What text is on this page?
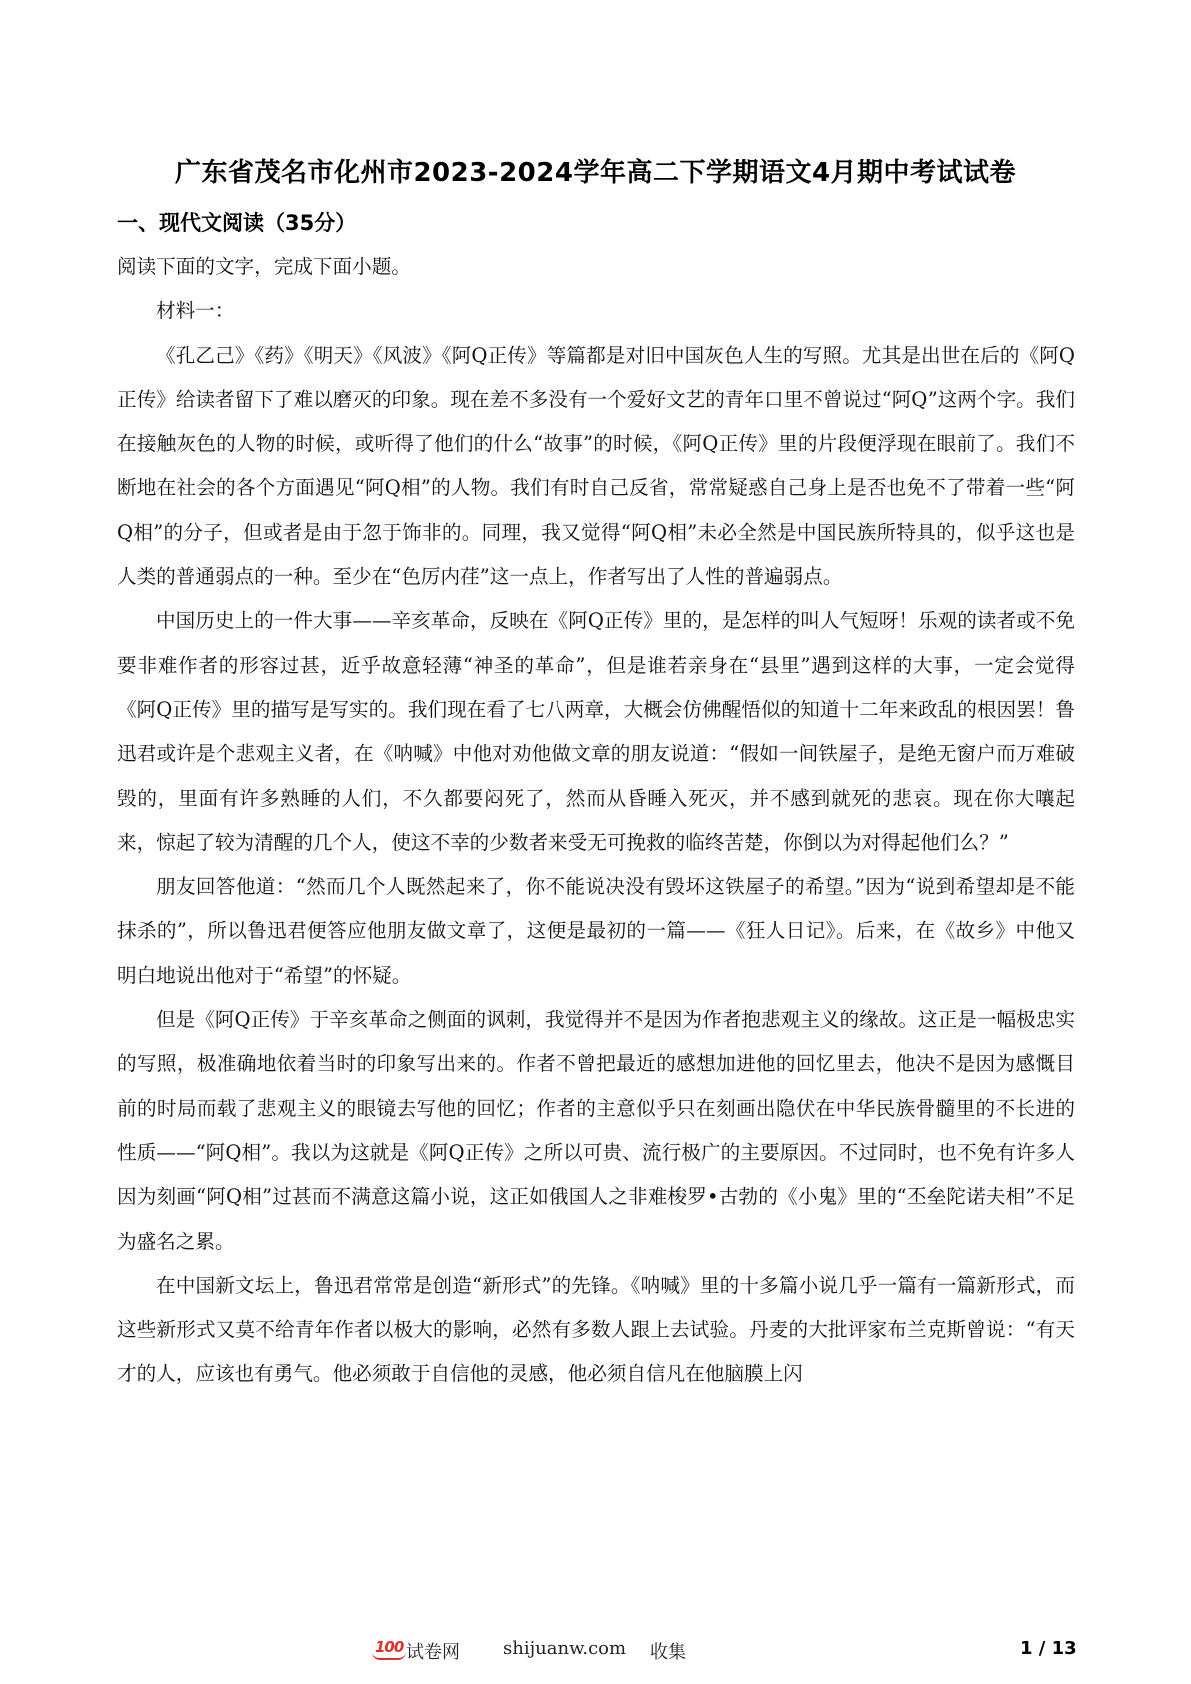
广东省茂名市化州市2023-2024学年高二下学期语文4月期中考试试卷
一、现代文阅读（35分）

阅读下面的文字，完成下面小题。

材料一：

《孔乙己》《药》《明天》《风波》《阿Q正传》等篇都是对旧中国灰色人生的写照。尤其是出世在后的《阿Q正传》给读者留下了难以磨灭的印象。现在差不多没有一个爱好文艺的青年口里不曾说过“阿Q”这两个字。我们在接触灰色的人物的时候，或听得了他们的什么“故事”的时候，《阿Q正传》里的片段便浮现在眼前了。我们不断地在社会的各个方面遇见“阿Q相”的人物。我们有时自己反省，常常疑惑自己身上是否也免不了带着一些“阿Q相”的分子，但或者是由于忽于饰非的。同理，我又觉得“阿Q相”未必全然是中国民族所特具的，似乎这也是人类的普通弱点的一种。至少在“色厉内荏”这一点上，作者写出了人性的普遍弱点。

中国历史上的一件大事——辛亥革命，反映在《阿Q正传》里的，是怎样的叫人气短呀！乐观的读者或不免要非难作者的形容过甚，近乎故意轻薄“神圣的革命”，但是谁若亲身在“县里”遇到这样的大事，一定会觉得《阿Q正传》里的描写是写实的。我们现在看了七八两章，大概会仿佛醒悟似的知道十二年来政乱的根因罢！鲁迅君或许是个悲观主义者，在《呐喊》中他对劝他做文章的朋友说道：“假如一间铁屋子，是绝无窗户而万难破毁的，里面有许多熟睡的人们，不久都要闷死了，然而从昏睡入死灭，并不感到就死的悲哀。现在你大嚷起来，惊起了较为清醒的几个人，使这不幸的少数者来受无可挽救的临终苦楚，你倒以为对得起他们么？”

朋友回答他道：“然而几个人既然起来了，你不能说决没有毁坏这铁屋子的希望。”因为“说到希望却是不能抹杀的”，所以鲁迅君便答应他朋友做文章了，这便是最初的一篇——《狂人日记》。后来，在《故乡》中他又明白地说出他对于“希望”的怀疑。

但是《阿Q正传》于辛亥革命之侧面的讽刺，我觉得并不是因为作者抱悲观主义的缘故。这正是一幅极忠实的写照，极准确地依着当时的印象写出来的。作者不曾把最近的感想加进他的回忆里去，他决不是因为感慨目前的时局而载了悲观主义的眼镜去写他的回忆；作者的主意似乎只在刻画出隐伏在中华民族骨髓里的不长进的性质——“阿Q相”。我以为这就是《阿Q正传》之所以可贵、流行极广的主要原因。不过同时，也不免有许多人因为刻画“阿Q相”过甚而不满意这篇小说，这正如俄国人之非难梭罗•古勃的《小鬼》里的“丕垒陀诺夫相”不足为盛名之累。

在中国新文坛上，鲁迅君常常是创造“新形式”的先锋。《呐喊》里的十多篇小说几乎一篇有一篇新形式，而这些新形式又莫不给青年作者以极大的影响，必然有多数人跟上去试验。丹麦的大批评家布兰克斯曾说：“有天才的人，应该也有勇气。他必须敢于自信他的灵感，他必须自信凡在他脑膜上闪

100 试卷网 shijuanw.com 收集	1 / 13
